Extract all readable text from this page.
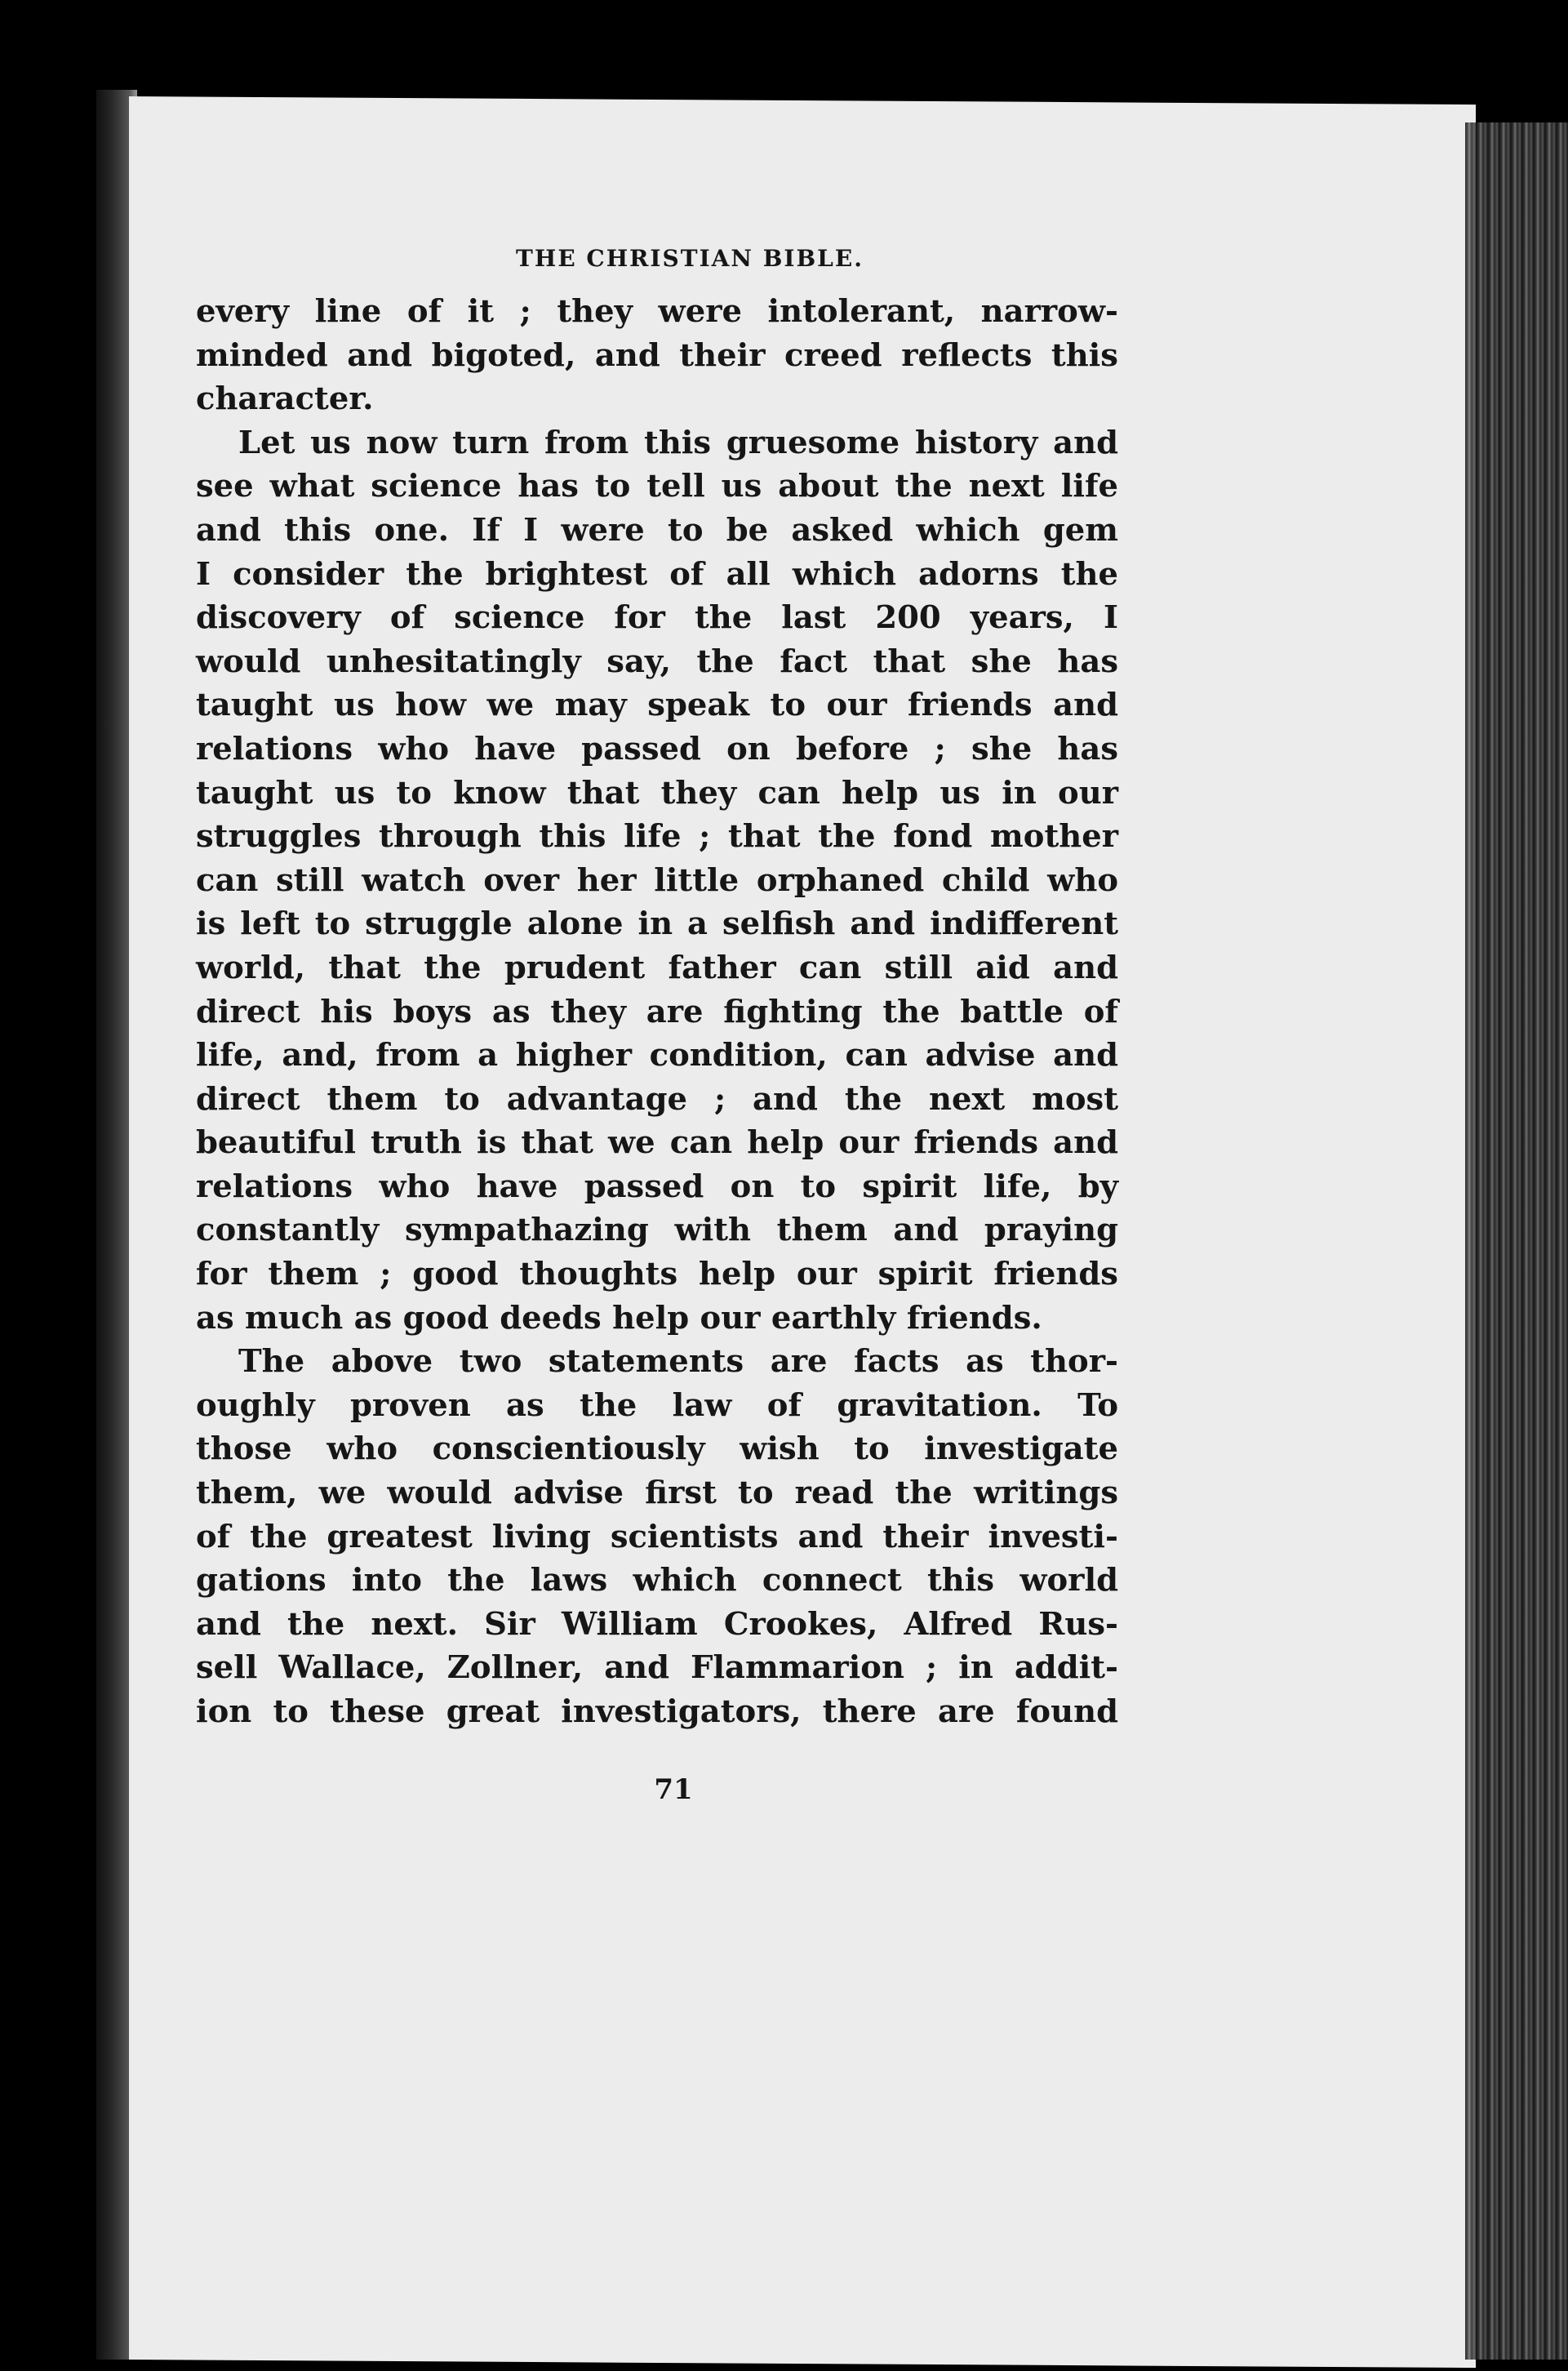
THE CHRISTIAN BIBLE.
every line of it ; they were intolerant, narrow-
minded and bigoted, and their creed reflects this
character.
Let us now turn from this gruesome history and
see what science has to tell us about the next life
and this one. If I were to be asked which gem
I consider the brightest of all which adorns the
discovery of science for the last 200 years, I
would unhesitatingly say, the fact that she has
taught us how we may speak to our friends and
relations who have passed on before ; she has
taught us to know that they can help us in our
struggles through this life ; that the fond mother
can still watch over her little orphaned child who
is left to struggle alone in a selfish and indifferent
world, that the prudent father can still aid and
direct his boys as they are fighting the battle of
life, and, from a higher condition, can advise and
direct them to advantage ; and the next most
beautiful truth is that we can help our friends and
relations who have passed on to spirit life, by
constantly sympathazing with them and praying
for them ; good thoughts help our spirit friends
as much as good deeds help our earthly friends.
The above two statements are facts as thor-
oughly proven as the law of gravitation. To
those who conscientiously wish to investigate
them, we would advise first to read the writings
of the greatest living scientists and their investi-
gations into the laws which connect this world
and the next. Sir William Crookes, Alfred Rus-
sell Wallace, Zollner, and Flammarion ; in addit-
ion to these great investigators, there are found
71
